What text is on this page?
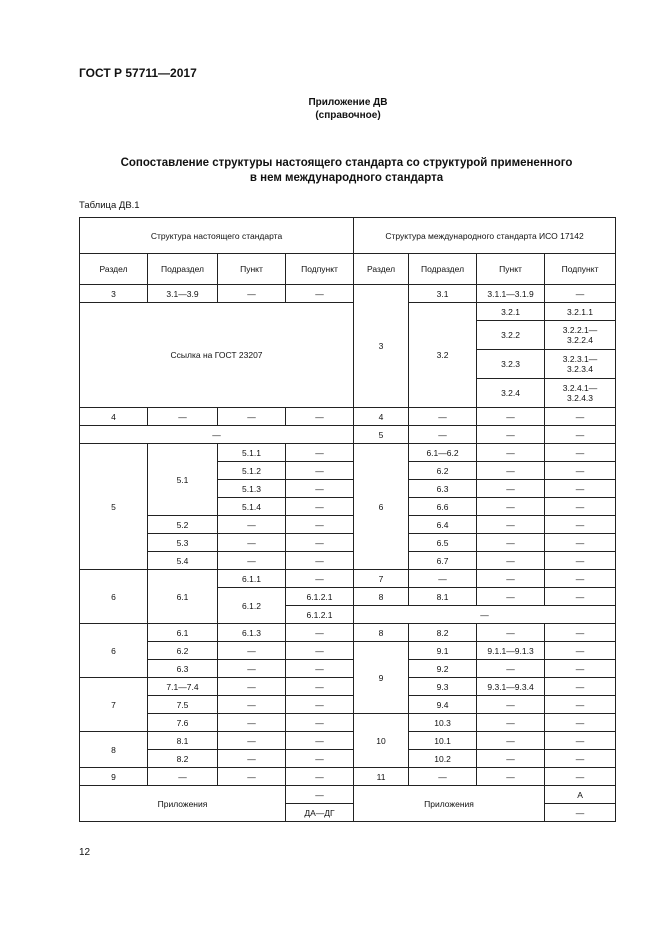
ГОСТ Р 57711—2017
Приложение ДВ
(справочное)
Сопоставление структуры настоящего стандарта со структурой примененного
в нем международного стандарта
Таблица ДВ.1
Структура настоящего стандарта				Структура международного стандарта ИСО 17142			
Раздел	Подраздел	Пункт	Подпункт	Раздел	Подраздел	Пункт	Подпункт
3	3.1—3.9	—	—	3	3.1	3.1.1—3.1.9	—
Ссылка на ГОСТ 23207					3.2	3.2.1	3.2.1.1
						3.2.2	3.2.2.1—
3.2.2.4

						3.2.3	3.2.3.1—
3.2.3.4

						3.2.4	3.2.4.1—
3.2.4.3

4	—	—	—	4	—	—	—
—				5	—	—	—
5	5.1	5.1.1	—	6	6.1—6.2	—	—
		5.1.2	—		6.2	—	—
		5.1.3	—		6.3	—	—
		5.1.4	—		6.6	—	—
	5.2	—	—		6.4	—	—
	5.3	—	—		6.5	—	—
	5.4	—	—		6.7	—	—
6	6.1	6.1.1	—	7	—	—	—
		6.1.2	6.1.2.1	8	8.1	—	—
			6.1.2.1	—			
6	6.1	6.1.3	—	8	8.2	—	—
	6.2	—	—	9	9.1	9.1.1—9.1.3	—
	6.3	—	—		9.2	—	—
7	7.1—7.4	—	—		9.3	9.3.1—9.3.4	—
	7.5	—	—		9.4	—	—
	7.6	—	—	10	10.3	—	—
8	8.1	—	—		10.1	—	—
	8.2	—	—		10.2	—	—
9	—	—	—	11	—	—	—
Приложения			—	Приложения			А
			ДА—ДГ				—
12
